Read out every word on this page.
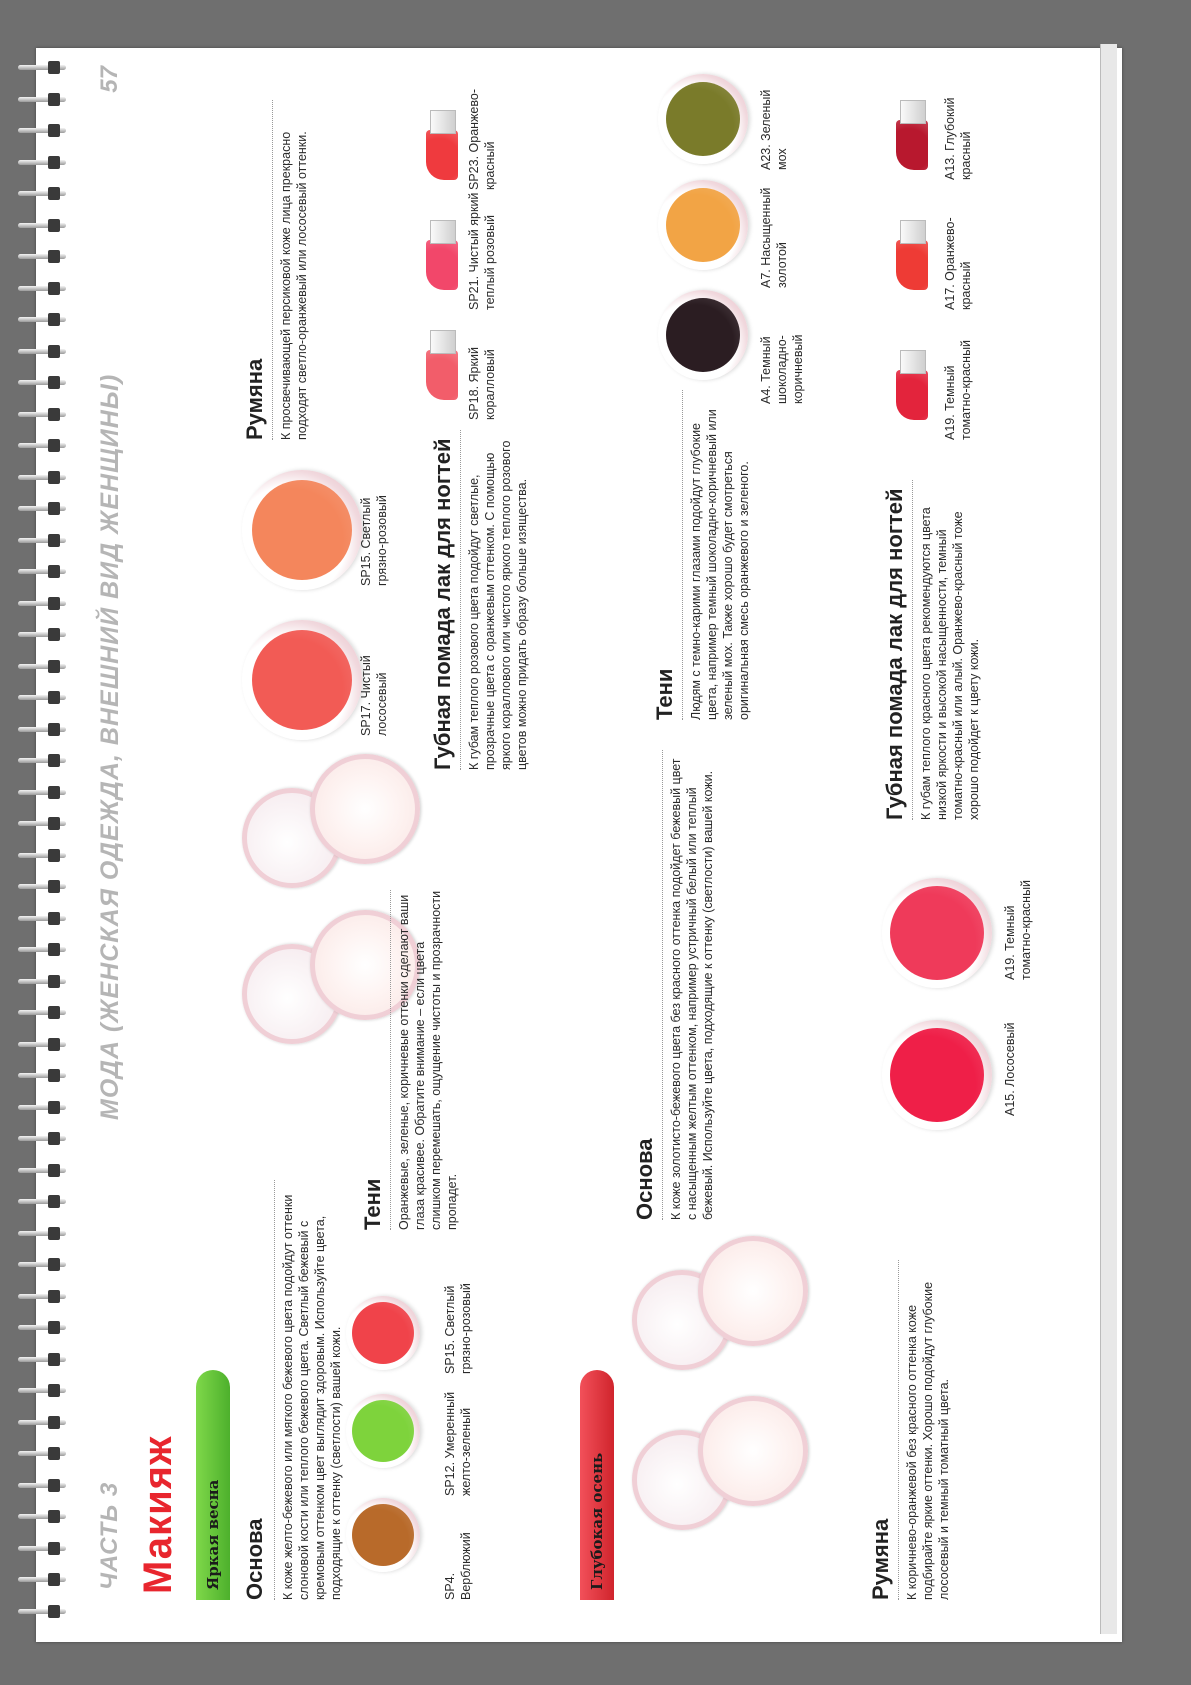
ЧАСТЬ 3
МОДА (ЖЕНСКАЯ ОДЕЖДА, ВНЕШНИЙ ВИД ЖЕНЩИНЫ)
57
Макияж	Яркая весна Основа К коже желто-бежевого или мягкого бежевого цвета подойдут оттенки слоновой кости или теплого бежевого цвета. Светлый бежевый с кремовым оттенком цвет выглядит здоровым. Используйте цвета, подходящие к оттенку (светлости) вашей кожи.	SP4. Верблюжий
SP12. Умеренный желто-зеленый
SP15. Светлый грязно-розовый
Тени Оранжевые, зеленые, коричневые оттенки сделают ваши глаза красивее. Обратите внимание – если цвета слишком перемешать, ощущение чистоты и прозрачности пропадет.
SP17. Чистый лососевый
SP15. Светлый грязно-розовый
Румяна К просвечивающей персиковой коже лица прекрасно подходят светло-оранжевый или лососевый оттенки.
Губная помада лак для ногтей К губам теплого розового цвета подойдут светлые, прозрачные цвета с оранжевым оттенком. С помощью яркого кораллового или чистого яркого теплого розового цветов можно придать образу больше изящества.
SP18. Яркий коралловый
SP21. Чистый яркий теплый розовый
SP23. Оранжево-красный
Глубокая осень
Основа К коже золотисто-бежевого цвета без красного оттенка подойдет бежевый цвет с насыщенным желтым оттенком, например устричный белый или теплый бежевый. Используйте цвета, подходящие к оттенку (светлости) вашей кожи.
Тени Людям с темно-карими глазами подойдут глубокие цвета, например темный шоколадно-коричневый или зеленый мох. Также хорошо будет смотреться оригинальная смесь оранжевого и зеленого.
А4. Темный шоколадно-коричневый
А7. Насыщенный золотой
А23. Зеленый мох
Румяна К коричнево-оранжевой без красного оттенка коже подбирайте яркие оттенки. Хорошо подойдут глубокие лососевый и темный томатный цвета.
А15. Лососевый
А19. Темный томатно-красный
Губная помада лак для ногтей К губам теплого красного цвета рекомендуются цвета низкой яркости и высокой насыщенности, темный томатно-красный или алый. Оранжево-красный тоже хорошо подойдет к цвету кожи.
А19. Темный томатно-красный
А17. Оранжево-красный
А13. Глубокий красный
